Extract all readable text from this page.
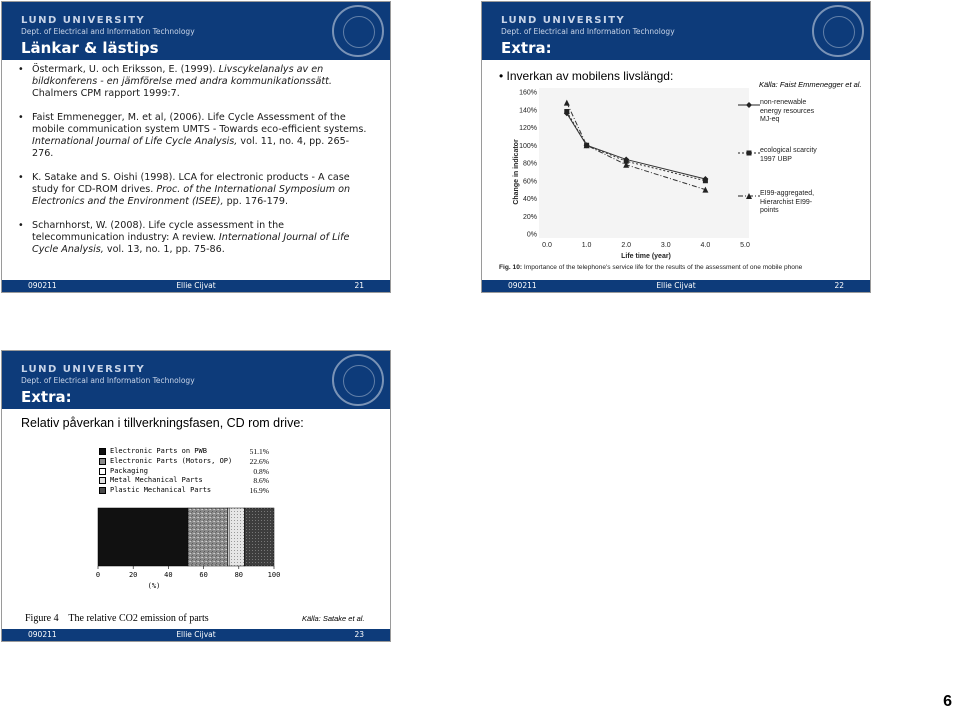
LUND UNIVERSITY
Dept. of Electrical and Information Technology
Länkar & lästips
• Östermark, U. och Eriksson, E. (1999). Livscykelanalys av en bildkonferens - en jämförelse med andra kommunikationssätt. Chalmers CPM rapport 1999:7.
• Faist Emmenegger, M. et al, (2006). Life Cycle Assessment of the mobile communication system UMTS - Towards eco-efficient systems. International Journal of Life Cycle Analysis, vol. 11, no. 4, pp. 265-276.
• K. Satake and S. Oishi (1998). LCA for electronic products - A case study for CD-ROM drives. Proc. of the International Symposium on Electronics and the Environment (ISEE), pp. 176-179.
• Scharnhorst, W. (2008). Life cycle assessment in the telecommunication industry: A review. International Journal of Life Cycle Analysis, vol. 13, no. 1, pp. 75-86.
090211	Ellie Cijvat	21
LUND UNIVERSITY
Dept. of Electrical and Information Technology
Extra:
• Inverkan av mobilens livslängd:
Källa: Faist Emmenegger et al.
0%
20%
40%
60%
80%
100%
120%
140%
160%
0.0	1.0	2.0	3.0	4.0	5.0
Change in indicator
Life time (year)
non-renewable energy resources MJ-eq
ecological scarcity 1997 UBP
EI99-aggregated, Hierarchist EI99-points
Fig. 10: Importance of the telephone's service life for the results of the assessment of one mobile phone
090211	Ellie Cijvat	22
LUND UNIVERSITY
Dept. of Electrical and Information Technology
Extra:
Relativ påverkan i tillverkningsfasen, CD rom drive:
Electronic Parts on PWB	51.1%
Electronic Parts (Motors, OP) 22.6%
Packaging	0.8%
Metal Mechanical Parts	8.6%
Plastic Mechanical Parts	16.9%
0	20	40	60	80	100
(%)
Figure 4    The relative CO2 emission of parts	Källa: Satake et al.
090211	Ellie Cijvat	23
6
